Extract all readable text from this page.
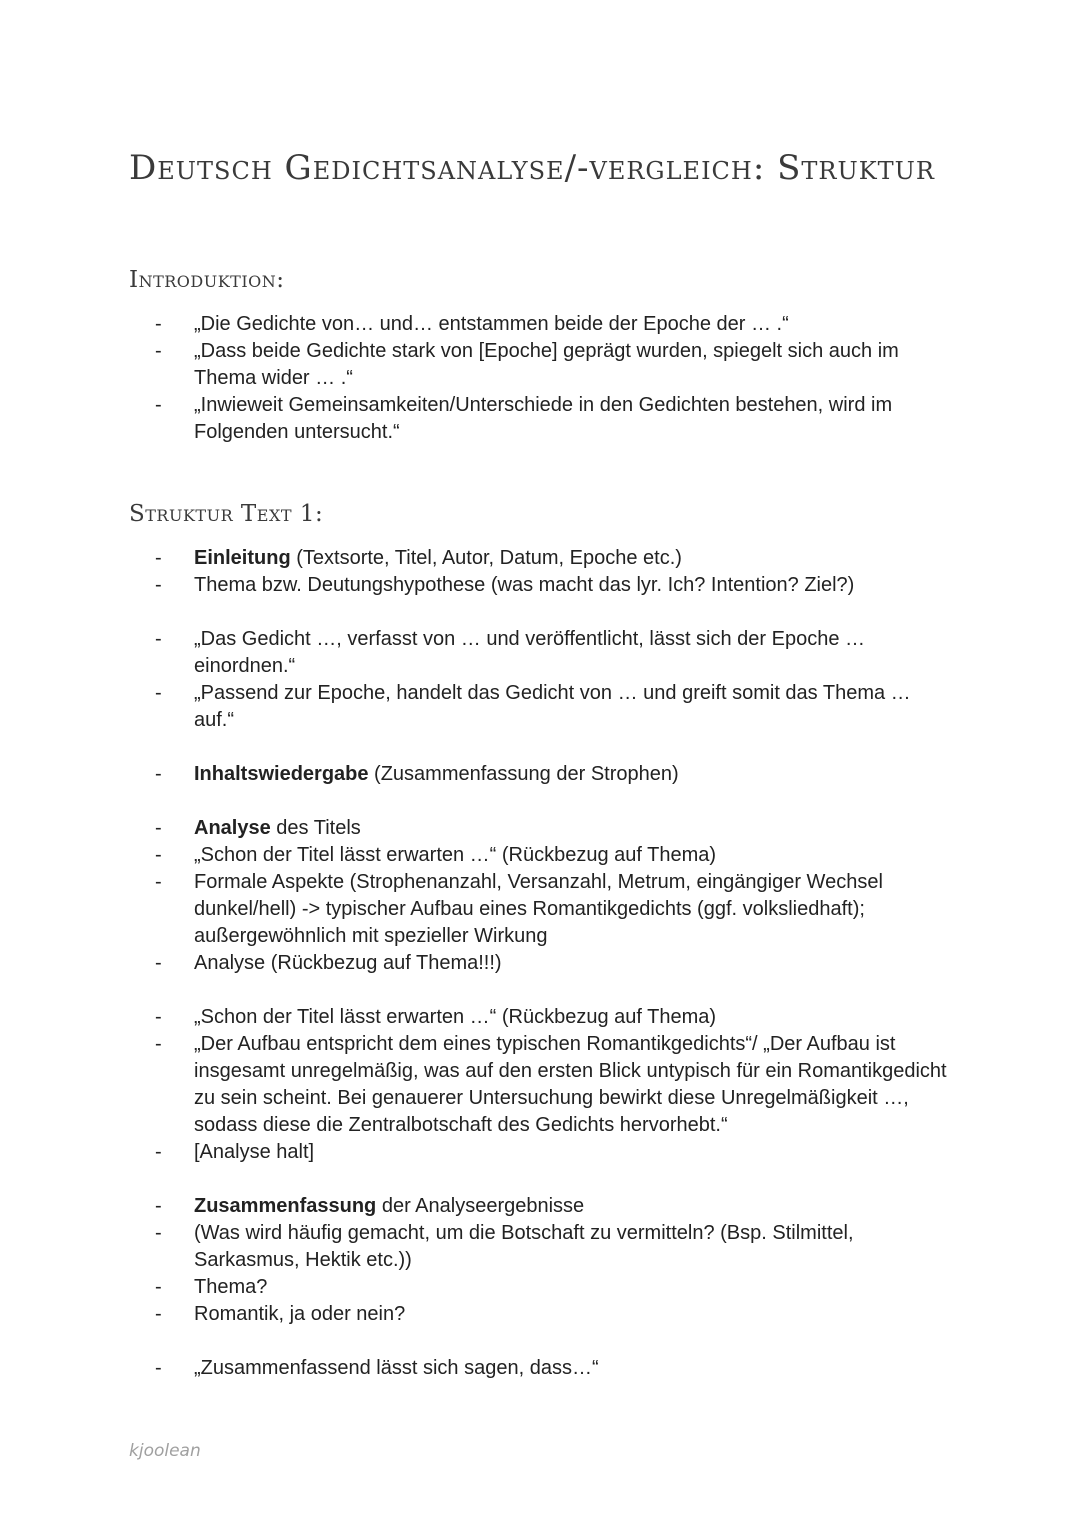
Deutsch Gedichtsanalyse/-vergleich: Struktur
Introduktion:
- „Die Gedichte von… und… entstammen beide der Epoche der … .“
- „Dass beide Gedichte stark von [Epoche] geprägt wurden, spiegelt sich auch im Thema wider … .“
- „Inwieweit Gemeinsamkeiten/Unterschiede in den Gedichten bestehen, wird im Folgenden untersucht.“
Struktur Text 1:
- Einleitung (Textsorte, Titel, Autor, Datum, Epoche etc.)
- Thema bzw. Deutungshypothese (was macht das lyr. Ich? Intention? Ziel?)
- „Das Gedicht …, verfasst von … und veröffentlicht, lässt sich der Epoche … einordnen.“
- „Passend zur Epoche, handelt das Gedicht von … und greift somit das Thema … auf.“
- Inhaltswiedergabe (Zusammenfassung der Strophen)
- Analyse des Titels
- „Schon der Titel lässt erwarten …“ (Rückbezug auf Thema)
- Formale Aspekte (Strophenanzahl, Versanzahl, Metrum, eingängiger Wechsel dunkel/hell) -> typischer Aufbau eines Romantikgedichts (ggf. volksliedhaft); außergewöhnlich mit spezieller Wirkung
- Analyse (Rückbezug auf Thema!!!)
- „Schon der Titel lässt erwarten …“ (Rückbezug auf Thema)
- „Der Aufbau entspricht dem eines typischen Romantikgedichts“/ „Der Aufbau ist insgesamt unregelmäßig, was auf den ersten Blick untypisch für ein Romantikgedicht zu sein scheint. Bei genauerer Untersuchung bewirkt diese Unregelmäßigkeit …, sodass diese die Zentralbotschaft des Gedichts hervorhebt.“
- [Analyse halt]
- Zusammenfassung der Analyseergebnisse
- (Was wird häufig gemacht, um die Botschaft zu vermitteln? (Bsp. Stilmittel, Sarkasmus, Hektik etc.))
- Thema?
- Romantik, ja oder nein?
- „Zusammenfassend lässt sich sagen, dass…“
kjoolean
